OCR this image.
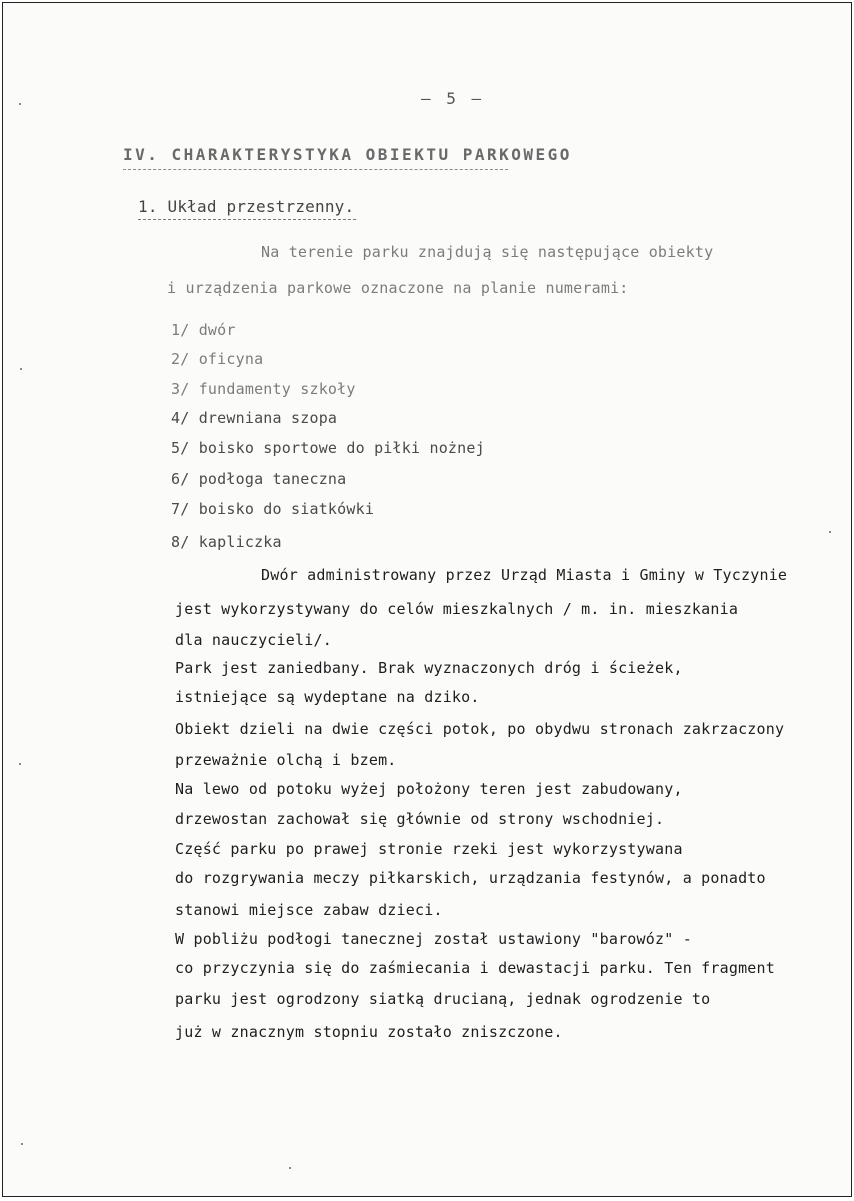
– 5 –
IV. CHARAKTERYSTYKA OBIEKTU PARKOWEGO
1. Układ przestrzenny.
Na terenie parku znajdują się następujące obiekty
i urządzenia parkowe oznaczone na planie numerami:
1/ dwór
2/ oficyna
3/ fundamenty szkoły
4/ drewniana szopa
5/ boisko sportowe do piłki nożnej
6/ podłoga taneczna
7/ boisko do siatkówki
8/ kapliczka
Dwór administrowany przez Urząd Miasta i Gminy w Tyczynie
jest wykorzystywany do celów mieszkalnych / m. in. mieszkania
dla nauczycieli/.
Park jest zaniedbany. Brak wyznaczonych dróg i ścieżek,
istniejące są wydeptane na dziko.
Obiekt dzieli na dwie części potok, po obydwu stronach zakrzaczony
przeważnie olchą i bzem.
Na lewo od potoku wyżej położony teren jest zabudowany,
drzewostan zachował się głównie od strony wschodniej.
Część parku po prawej stronie rzeki jest wykorzystywana
do rozgrywania meczy piłkarskich, urządzania festynów, a ponadto
stanowi miejsce zabaw dzieci.
W pobliżu podłogi tanecznej został ustawiony "barowóz" -
co przyczynia się do zaśmiecania i dewastacji parku. Ten fragment
parku jest ogrodzony siatką drucianą, jednak ogrodzenie to
już w znacznym stopniu zostało zniszczone.
